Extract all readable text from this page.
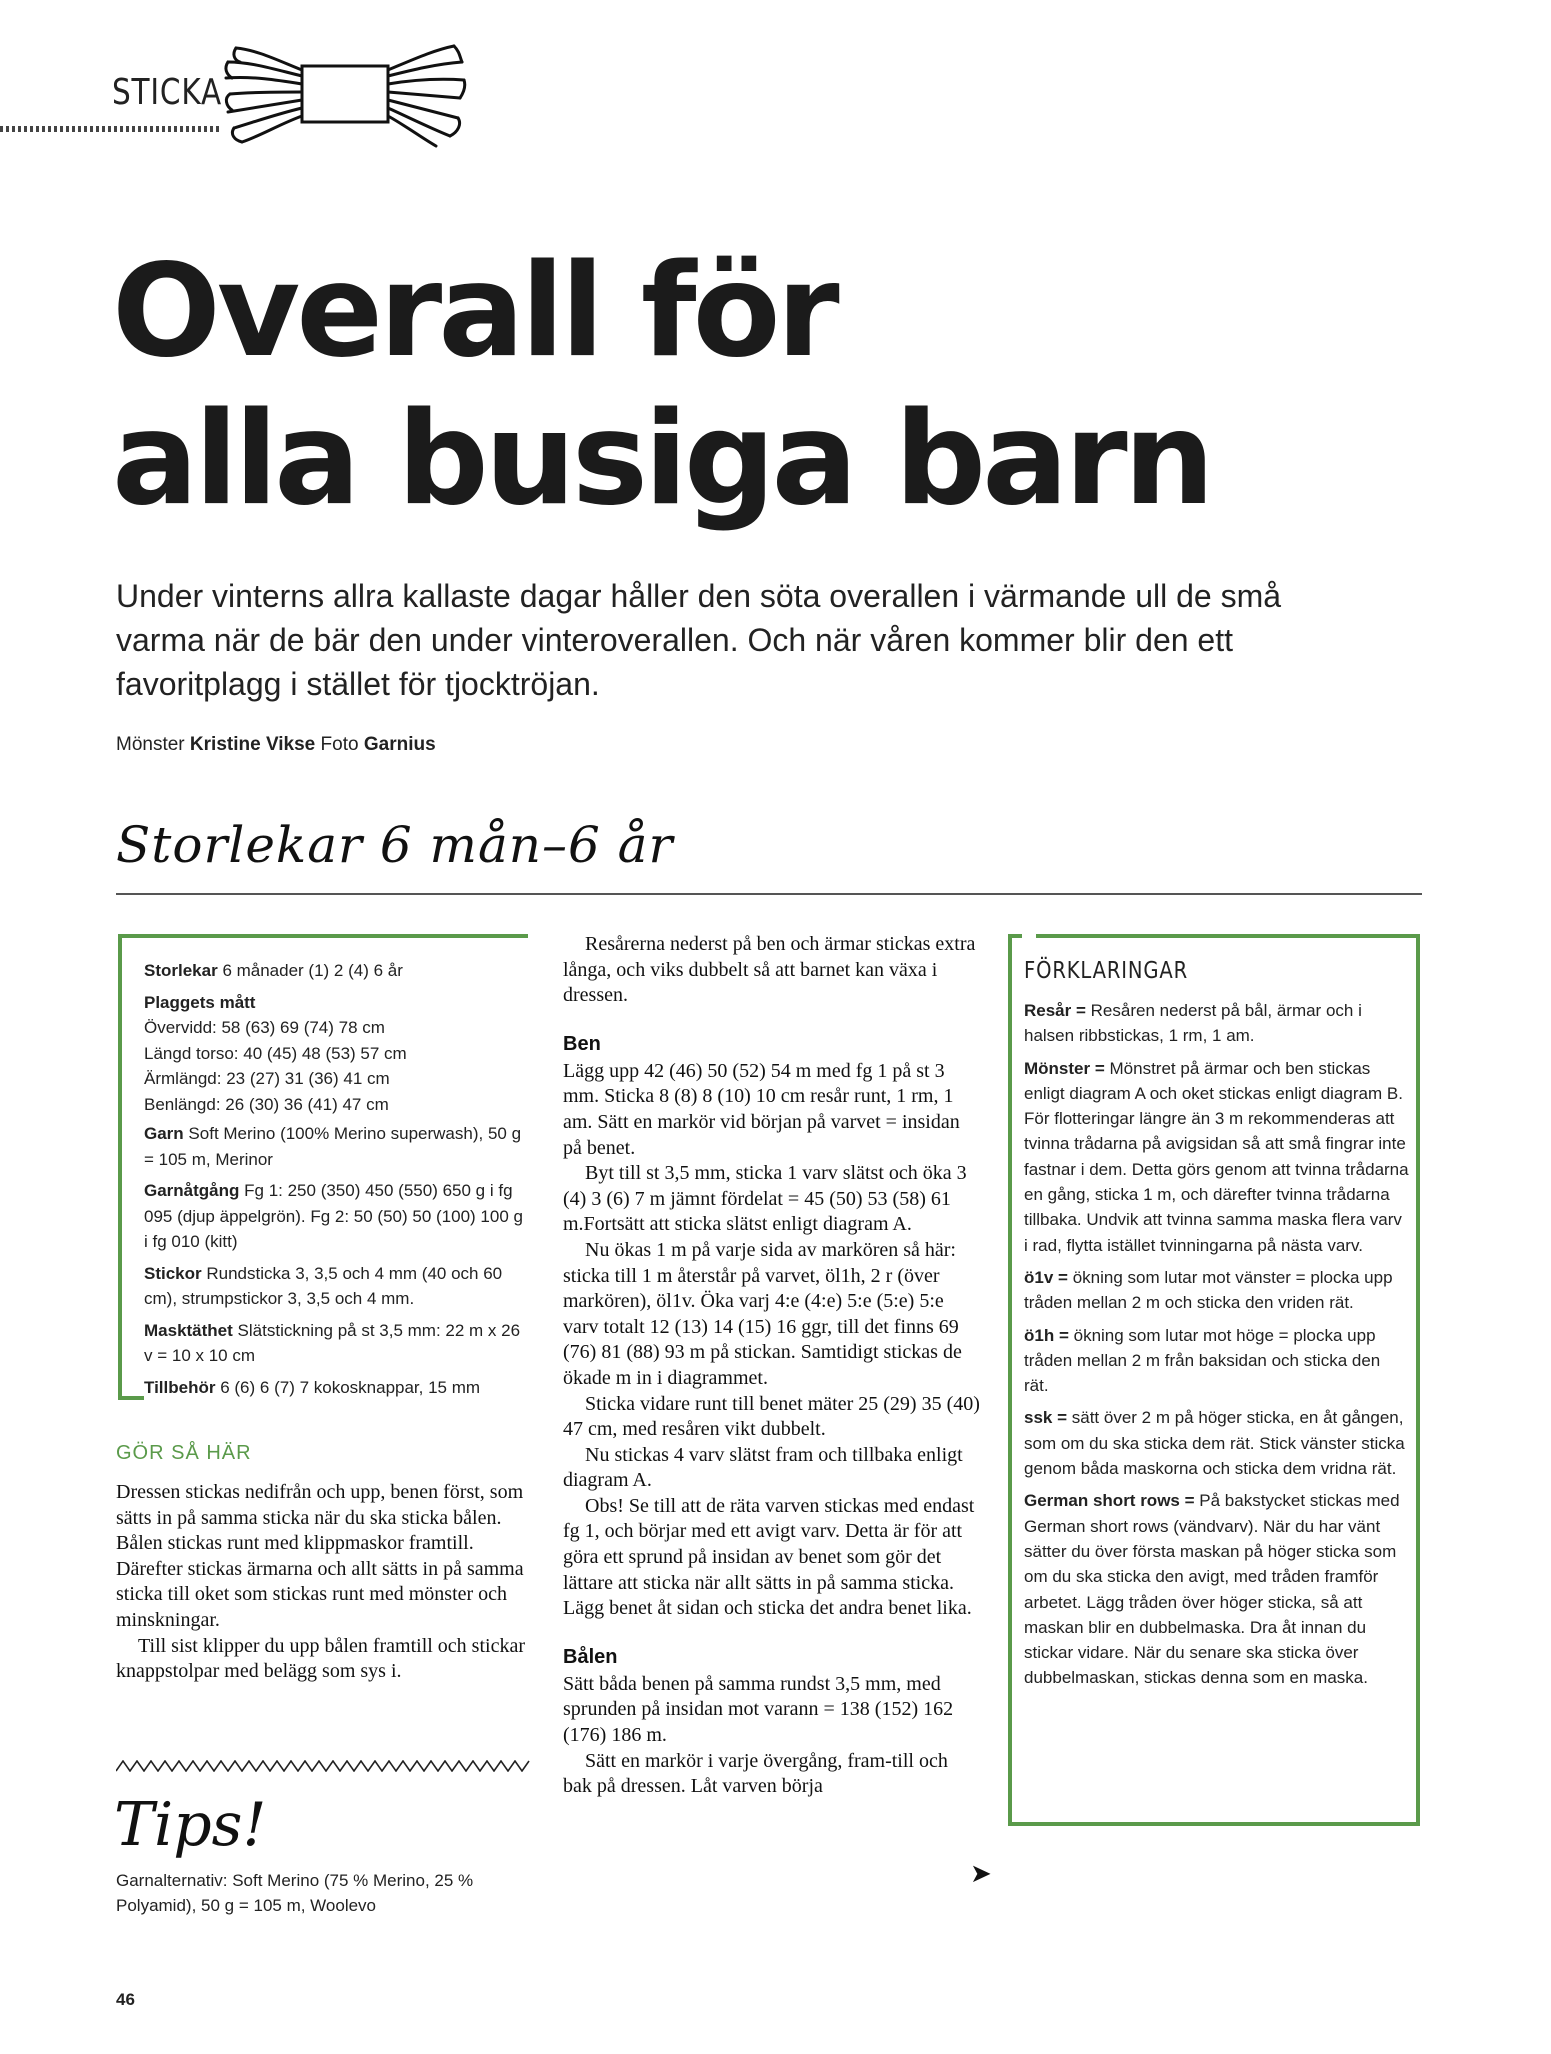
STICKA
Overall för
alla busiga barn

Under vinterns allra kallaste dagar håller den söta overallen i värmande ull de små varma när de bär den under vinteroverallen. Och när våren kommer blir den ett favoritplagg i stället för tjocktröjan.

Mönster Kristine Vikse Foto Garnius
Storlekar 6 mån–6 år

Storlekar 6 månader (1) 2 (4) 6 år

Plaggets mått
Övervidd: 58 (63) 69 (74) 78 cm
Längd torso: 40 (45) 48 (53) 57 cm
Ärmlängd: 23 (27) 31 (36) 41 cm
Benlängd: 26 (30) 36 (41) 47 cm

Garn Soft Merino (100% Merino superwash), 50 g = 105 m, Merinor

Garnåtgång Fg 1: 250 (350) 450 (550) 650 g i fg 095 (djup äppelgrön). Fg 2: 50 (50) 50 (100) 100 g i fg 010 (kitt)

Stickor Rundsticka 3, 3,5 och 4 mm (40 och 60 cm), strumpstickor 3, 3,5 och 4 mm.

Masktäthet Slätstickning på st 3,5 mm: 22 m x 26 v = 10 x 10 cm

Tillbehör 6 (6) 6 (7) 7 kokosknappar, 15 mm

GÖR SÅ HÄR

Dressen stickas nedifrån och upp, benen först, som sätts in på samma sticka när du ska sticka bålen. Bålen stickas runt med klippmaskor framtill. Därefter stickas ärmarna och allt sätts in på samma sticka till oket som stickas runt med mönster och minskningar.

Till sist klipper du upp bålen framtill och stickar knappstolpar med belägg som sys i.

Tips!
Garnalternativ: Soft Merino (75 % Merino, 25 % Polyamid), 50 g = 105 m, Woolevo
46

Resårerna nederst på ben och ärmar stickas extra långa, och viks dubbelt så att barnet kan växa i dressen.

Ben

Lägg upp 42 (46) 50 (52) 54 m med fg 1 på st 3 mm. Sticka 8 (8) 8 (10) 10 cm resår runt, 1 rm, 1 am. Sätt en markör vid början på varvet = insidan på benet.

Byt till st 3,5 mm, sticka 1 varv slätst och öka 3 (4) 3 (6) 7 m jämnt fördelat = 45 (50) 53 (58) 61 m.Fortsätt att sticka slätst enligt diagram A.

Nu ökas 1 m på varje sida av markören så här: sticka till 1 m återstår på varvet, öl1h, 2 r (över markören), öl1v. Öka varj 4:e (4:e) 5:e (5:e) 5:e varv totalt 12 (13) 14 (15) 16 ggr, till det finns 69 (76) 81 (88) 93 m på stickan. Samtidigt stickas de ökade m in i diagrammet.

Sticka vidare runt till benet mäter 25 (29) 35 (40) 47 cm, med resåren vikt dubbelt.

Nu stickas 4 varv slätst fram och tillbaka enligt diagram A.

Obs! Se till att de räta varven stickas med endast fg 1, och börjar med ett avigt varv. Detta är för att göra ett sprund på insidan av benet som gör det lättare att sticka när allt sätts in på samma sticka. Lägg benet åt sidan och sticka det andra benet lika.

Bålen

Sätt båda benen på samma rundst 3,5 mm, med sprunden på insidan mot varann = 138 (152) 162 (176) 186 m.

Sätt en markör i varje övergång, fram-till och bak på dressen. Låt varven börja

➤
FÖRKLARINGAR

Resår = Resåren nederst på bål, ärmar och i halsen ribbstickas, 1 rm, 1 am.

Mönster = Mönstret på ärmar och ben stickas enligt diagram A och oket stickas enligt diagram B. För flotteringar längre än 3 m rekommenderas att tvinna trådarna på avigsidan så att små fingrar inte fastnar i dem. Detta görs genom att tvinna trådarna en gång, sticka 1 m, och därefter tvinna trådarna tillbaka. Undvik att tvinna samma maska flera varv i rad, flytta istället tvinningarna på nästa varv.

ö1v = ökning som lutar mot vänster = plocka upp tråden mellan 2 m och sticka den vriden rät.

ö1h = ökning som lutar mot höge = plocka upp tråden mellan 2 m från baksidan och sticka den rät.

ssk = sätt över 2 m på höger sticka, en åt gången, som om du ska sticka dem rät. Stick vänster sticka genom båda maskorna och sticka dem vridna rät.

German short rows = På bakstycket stickas med German short rows (vändvarv). När du har vänt sätter du över första maskan på höger sticka som om du ska sticka den avigt, med tråden framför arbetet. Lägg tråden över höger sticka, så att maskan blir en dubbelmaska. Dra åt innan du stickar vidare. När du senare ska sticka över dubbelmaskan, stickas denna som en maska.
